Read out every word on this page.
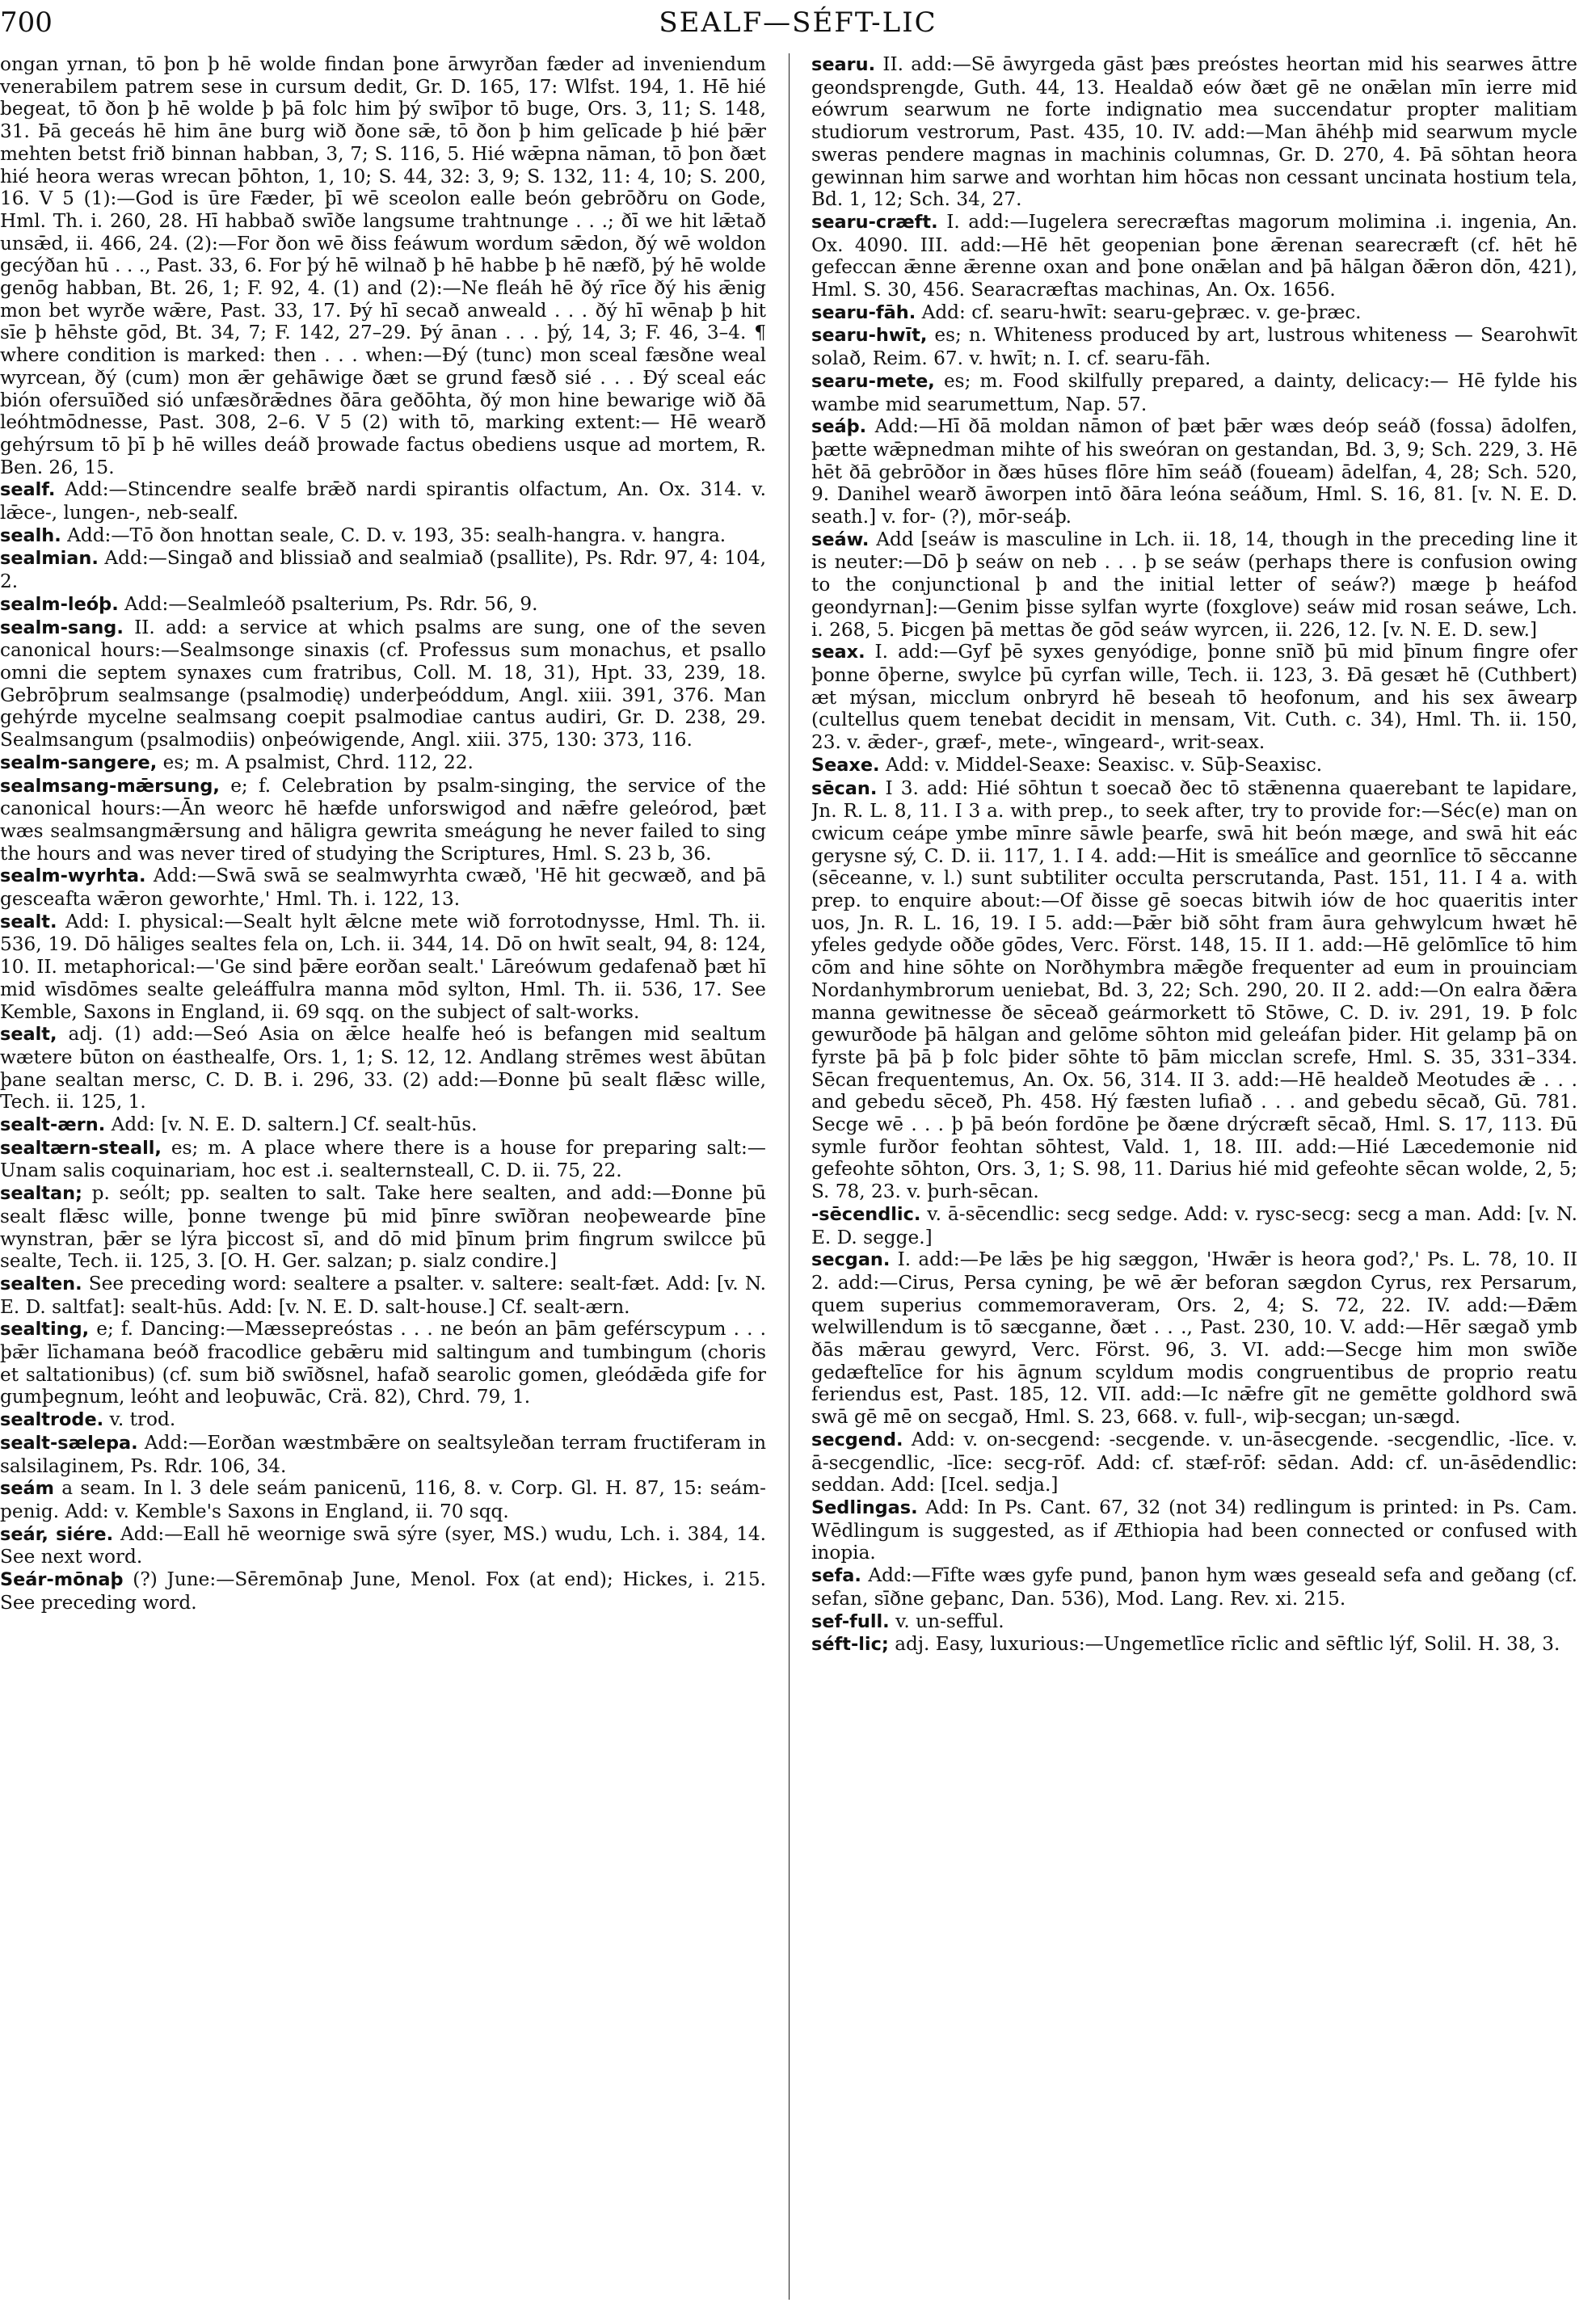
700	SEALF—SÉFT-LIC

ongan yrnan, tō þon þ hē wolde findan þone ārwyrðan fæder ad inveniendum venerabilem patrem sese in cursum dedit, Gr. D. 165, 17: Wlfst. 194, 1. Hē hié begeat, tō ðon þ hē wolde þ þā folc him þý swīþor tō buge, Ors. 3, 11; S. 148, 31. Þā geceás hē him āne burg wið ðone sǣ, tō ðon þ him gelīcade þ hié þǣr mehten betst frið binnan habban, 3, 7; S. 116, 5. Hié wǣpna nāman, tō þon ðæt hié heora weras wrecan þōhton, 1, 10; S. 44, 32: 3, 9; S. 132, 11: 4, 10; S. 200, 16. V 5 (1):—God is ūre Fæder, þī wē sceolon ealle beón gebrōðru on Gode, Hml. Th. i. 260, 28. Hī habbað swīðe langsume trahtnunge . . .; ðī we hit lǣtað unsǣd, ii. 466, 24. (2):—For ðon wē ðiss feáwum wordum sǣdon, ðý wē woldon gecýðan hū . . ., Past. 33, 6. For þý hē wilnað þ hē habbe þ hē næfð, þý hē wolde genōg habban, Bt. 26, 1; F. 92, 4. (1) and (2):—Ne fleáh hē ðý rīce ðý his ǣnig mon bet wyrðe wǣre, Past. 33, 17. Þý hī secað anweald . . . ðý hī wēnaþ þ hit sīe þ hēhste gōd, Bt. 34, 7; F. 142, 27–29. Þý ānan . . . þý, 14, 3; F. 46, 3–4. ¶ where condition is marked: then . . . when:—Ðý (tunc) mon sceal fæsðne weal wyrcean, ðý (cum) mon ǣr gehāwige ðæt se grund fæsð sié . . . Ðý sceal eác bión ofersuīðed sió unfæsðrǣdnes ðāra geðōhta, ðý mon hine bewarige wið ðā leóhtmōdnesse, Past. 308, 2–6. V 5 (2) with tō, marking extent:— Hē wearð gehýrsum tō þī þ hē willes deáð þrowade factus obediens usque ad mortem, R. Ben. 26, 15.

sealf. Add:—Stincendre sealfe brǣð nardi spirantis olfactum, An. Ox. 314. v. lǣce-, lungen-, neb-sealf.

sealh. Add:—Tō ðon hnottan seale, C. D. v. 193, 35: sealh-hangra. v. hangra.

sealmian. Add:—Singað and blissiað and sealmiað (psallite), Ps. Rdr. 97, 4: 104, 2.

sealm-leóþ. Add:—Sealmleóð psalterium, Ps. Rdr. 56, 9.

sealm-sang. II. add: a service at which psalms are sung, one of the seven canonical hours:—Sealmsonge sinaxis (cf. Professus sum monachus, et psallo omni die septem synaxes cum fratribus, Coll. M. 18, 31), Hpt. 33, 239, 18. Gebrōþrum sealmsange (psalmodię) underþeóddum, Angl. xiii. 391, 376. Man gehýrde mycelne sealmsang coepit psalmodiae cantus audiri, Gr. D. 238, 29. Sealmsangum (psalmodiis) onþeówigende, Angl. xiii. 375, 130: 373, 116.

sealm-sangere, es; m. A psalmist, Chrd. 112, 22.

sealmsang-mǣrsung, e; f. Celebration by psalm-singing, the service of the canonical hours:—Ān weorc hē hæfde unforswigod and nǣfre geleórod, þæt wæs sealmsangmǣrsung and hāligra gewrita smeágung he never failed to sing the hours and was never tired of studying the Scriptures, Hml. S. 23 b, 36.

sealm-wyrhta. Add:—Swā swā se sealmwyrhta cwæð, 'Hē hit gecwæð, and þā gesceafta wǣron geworhte,' Hml. Th. i. 122, 13.

sealt. Add: I. physical:—Sealt hylt ǣlcne mete wið forrotodnysse, Hml. Th. ii. 536, 19. Dō hāliges sealtes fela on, Lch. ii. 344, 14. Dō on hwīt sealt, 94, 8: 124, 10. II. metaphorical:—'Ge sind þǣre eorðan sealt.' Lāreówum gedafenað þæt hī mid wīsdōmes sealte geleáffulra manna mōd sylton, Hml. Th. ii. 536, 17. See Kemble, Saxons in England, ii. 69 sqq. on the subject of salt-works.

sealt, adj. (1) add:—Seó Asia on ǣlce healfe heó is befangen mid sealtum wætere būton on éasthealfe, Ors. 1, 1; S. 12, 12. Andlang strēmes west ābūtan þane sealtan mersc, C. D. B. i. 296, 33. (2) add:—Ðonne þū sealt flǣsc wille, Tech. ii. 125, 1.

sealt-ærn. Add: [v. N. E. D. saltern.] Cf. sealt-hūs.

sealtærn-steall, es; m. A place where there is a house for preparing salt:—Unam salis coquinariam, hoc est .i. sealternsteall, C. D. ii. 75, 22.

sealtan; p. seólt; pp. sealten to salt. Take here sealten, and add:—Ðonne þū sealt flǣsc wille, þonne twenge þū mid þīnre swīðran neoþewearde þīne wynstran, þǣr se lýra þiccost sī, and dō mid þīnum þrim fingrum swilcce þū sealte, Tech. ii. 125, 3. [O. H. Ger. salzan; p. sialz condire.]

sealten. See preceding word: sealtere a psalter. v. saltere: sealt-fæt. Add: [v. N. E. D. saltfat]: sealt-hūs. Add: [v. N. E. D. salt-house.] Cf. sealt-ærn.

sealting, e; f. Dancing:—Mæssepreóstas . . . ne beón an þām geférscypum . . . þǣr līchamana beóð fracodlice gebǣru mid saltingum and tumbingum (choris et saltationibus) (cf. sum bið swīðsnel, hafað searolic gomen, gleódǣda gife for gumþegnum, leóht and leoþuwāc, Crä. 82), Chrd. 79, 1.

sealtrode. v. trod.

sealt-sælepa. Add:—Eorðan wæstmbǣre on sealtsyleðan terram fructiferam in salsilaginem, Ps. Rdr. 106, 34.

seám a seam. In l. 3 dele seám panicenū, 116, 8. v. Corp. Gl. H. 87, 15: seám-penig. Add: v. Kemble's Saxons in England, ii. 70 sqq.

seár, siére. Add:—Eall hē weornige swā sýre (syer, MS.) wudu, Lch. i. 384, 14. See next word.

Seár-mōnaþ (?) June:—Sēremōnaþ June, Menol. Fox (at end); Hickes, i. 215. See preceding word.

searu. II. add:—Sē āwyrgeda gāst þæs preóstes heortan mid his searwes āttre geondsprengde, Guth. 44, 13. Healdað eów ðæt gē ne onǣlan mīn ierre mid eówrum searwum ne forte indignatio mea succendatur propter malitiam studiorum vestrorum, Past. 435, 10. IV. add:—Man āhéhþ mid searwum mycle sweras pendere magnas in machinis columnas, Gr. D. 270, 4. Þā sōhtan heora gewinnan him sarwe and worhtan him hōcas non cessant uncinata hostium tela, Bd. 1, 12; Sch. 34, 27.

searu-cræft. I. add:—Iugelera serecræftas magorum molimina .i. ingenia, An. Ox. 4090. III. add:—Hē hēt geopenian þone ǣrenan searecræft (cf. hēt hē gefeccan ǣnne ǣrenne oxan and þone onǣlan and þā hālgan ðǣron dōn, 421), Hml. S. 30, 456. Searacræftas machinas, An. Ox. 1656.

searu-fāh. Add: cf. searu-hwīt: searu-geþræc. v. ge-þræc.

searu-hwīt, es; n. Whiteness produced by art, lustrous whiteness — Searohwīt solað, Reim. 67. v. hwīt; n. I. cf. searu-fāh.

searu-mete, es; m. Food skilfully prepared, a dainty, delicacy:— Hē fylde his wambe mid searumettum, Nap. 57.

seáþ. Add:—Hī ðā moldan nāmon of þæt þǣr wæs deóp seáð (fossa) ādolfen, þætte wǣpnedman mihte of his sweóran on gestandan, Bd. 3, 9; Sch. 229, 3. Hē hēt ðā gebrōðor in ðæs hūses flōre hīm seáð (foueam) ādelfan, 4, 28; Sch. 520, 9. Danihel wearð āworpen intō ðāra leóna seáðum, Hml. S. 16, 81. [v. N. E. D. seath.] v. for- (?), mōr-seáþ.

seáw. Add [seáw is masculine in Lch. ii. 18, 14, though in the preceding line it is neuter:—Dō þ seáw on neb . . . þ se seáw (perhaps there is confusion owing to the conjunctional þ and the initial letter of seáw?) mæge þ heáfod geondyrnan]:—Genim þisse sylfan wyrte (foxglove) seáw mid rosan seáwe, Lch. i. 268, 5. Þicgen þā mettas ðe gōd seáw wyrcen, ii. 226, 12. [v. N. E. D. sew.]

seax. I. add:—Gyf þē syxes genyódige, þonne snīð þū mid þīnum fingre ofer þonne ōþerne, swylce þū cyrfan wille, Tech. ii. 123, 3. Ðā gesæt hē (Cuthbert) æt mýsan, micclum onbryrd hē beseah tō heofonum, and his sex āwearp (cultellus quem tenebat decidit in mensam, Vit. Cuth. c. 34), Hml. Th. ii. 150, 23. v. ǣder-, græf-, mete-, wīngeard-, writ-seax.

Seaxe. Add: v. Middel-Seaxe: Seaxisc. v. Sūþ-Seaxisc.

sēcan. I 3. add: Hié sōhtun t soecað ðec tō stǣnenna quaerebant te lapidare, Jn. R. L. 8, 11. I 3 a. with prep., to seek after, try to provide for:—Séc(e) man on cwicum ceápe ymbe mīnre sāwle þearfe, swā hit beón mæge, and swā hit eác gerysne sý, C. D. ii. 117, 1. I 4. add:—Hit is smeálīce and geornlīce tō sēccanne (sēceanne, v. l.) sunt subtiliter occulta perscrutanda, Past. 151, 11. I 4 a. with prep. to enquire about:—Of ðisse gē soecas bitwih iów de hoc quaeritis inter uos, Jn. R. L. 16, 19. I 5. add:—Þǣr bið sōht fram āura gehwylcum hwæt hē yfeles gedyde oððe gōdes, Verc. Först. 148, 15. II 1. add:—Hē gelōmlīce tō him cōm and hine sōhte on Norðhymbra mǣgðe frequenter ad eum in prouinciam Nordanhymbrorum ueniebat, Bd. 3, 22; Sch. 290, 20. II 2. add:—On ealra ðǣra manna gewitnesse ðe sēceað geármorkett tō Stōwe, C. D. iv. 291, 19. Þ folc gewurðode þā hālgan and gelōme sōhton mid geleáfan þider. Hit gelamp þā on fyrste þā þā þ folc þider sōhte tō þām micclan screfe, Hml. S. 35, 331–334. Sēcan frequentemus, An. Ox. 56, 314. II 3. add:—Hē healdeð Meotudes ǣ . . . and gebedu sēceð, Ph. 458. Hý fæsten lufiað . . . and gebedu sēcað, Gū. 781. Secge wē . . . þ þā beón fordōne þe ðæne drýcræft sēcað, Hml. S. 17, 113. Ðū symle furðor feohtan sōhtest, Vald. 1, 18. III. add:—Hié Læcedemonie nid gefeohte sōhton, Ors. 3, 1; S. 98, 11. Darius hié mid gefeohte sēcan wolde, 2, 5; S. 78, 23. v. þurh-sēcan.

-sēcendlic. v. ā-sēcendlic: secg sedge. Add: v. rysc-secg: secg a man. Add: [v. N. E. D. segge.]

secgan. I. add:—Þe lǣs þe hig sæggon, 'Hwǣr is heora god?,' Ps. L. 78, 10. II 2. add:—Cirus, Persa cyning, þe wē ǣr beforan sægdon Cyrus, rex Persarum, quem superius commemoraveram, Ors. 2, 4; S. 72, 22. IV. add:—Ðǣm welwillendum is tō sæcganne, ðæt . . ., Past. 230, 10. V. add:—Hēr sægað ymb ðās mǣrau gewyrd, Verc. Först. 96, 3. VI. add:—Secge him mon swīðe gedæftelīce for his āgnum scyldum modis congruentibus de proprio reatu feriendus est, Past. 185, 12. VII. add:—Ic nǣfre gīt ne gemētte goldhord swā swā gē mē on secgað, Hml. S. 23, 668. v. full-, wiþ-secgan; un-sægd.

secgend. Add: v. on-secgend: -secgende. v. un-āsecgende. -secgendlic, -līce. v. ā-secgendlic, -līce: secg-rōf. Add: cf. stæf-rōf: sēdan. Add: cf. un-āsēdendlic: seddan. Add: [Icel. sedja.]

Sedlingas. Add: In Ps. Cant. 67, 32 (not 34) redlingum is printed: in Ps. Cam. Wēdlingum is suggested, as if Æthiopia had been connected or confused with inopia.

sefa. Add:—Fīfte wæs gyfe pund, þanon hym wæs geseald sefa and geðang (cf. sefan, sīðne geþanc, Dan. 536), Mod. Lang. Rev. xi. 215.

sef-full. v. un-sefful.

séft-lic; adj. Easy, luxurious:—Ungemetlīce rīclic and sēftlic lýf, Solil. H. 38, 3.
